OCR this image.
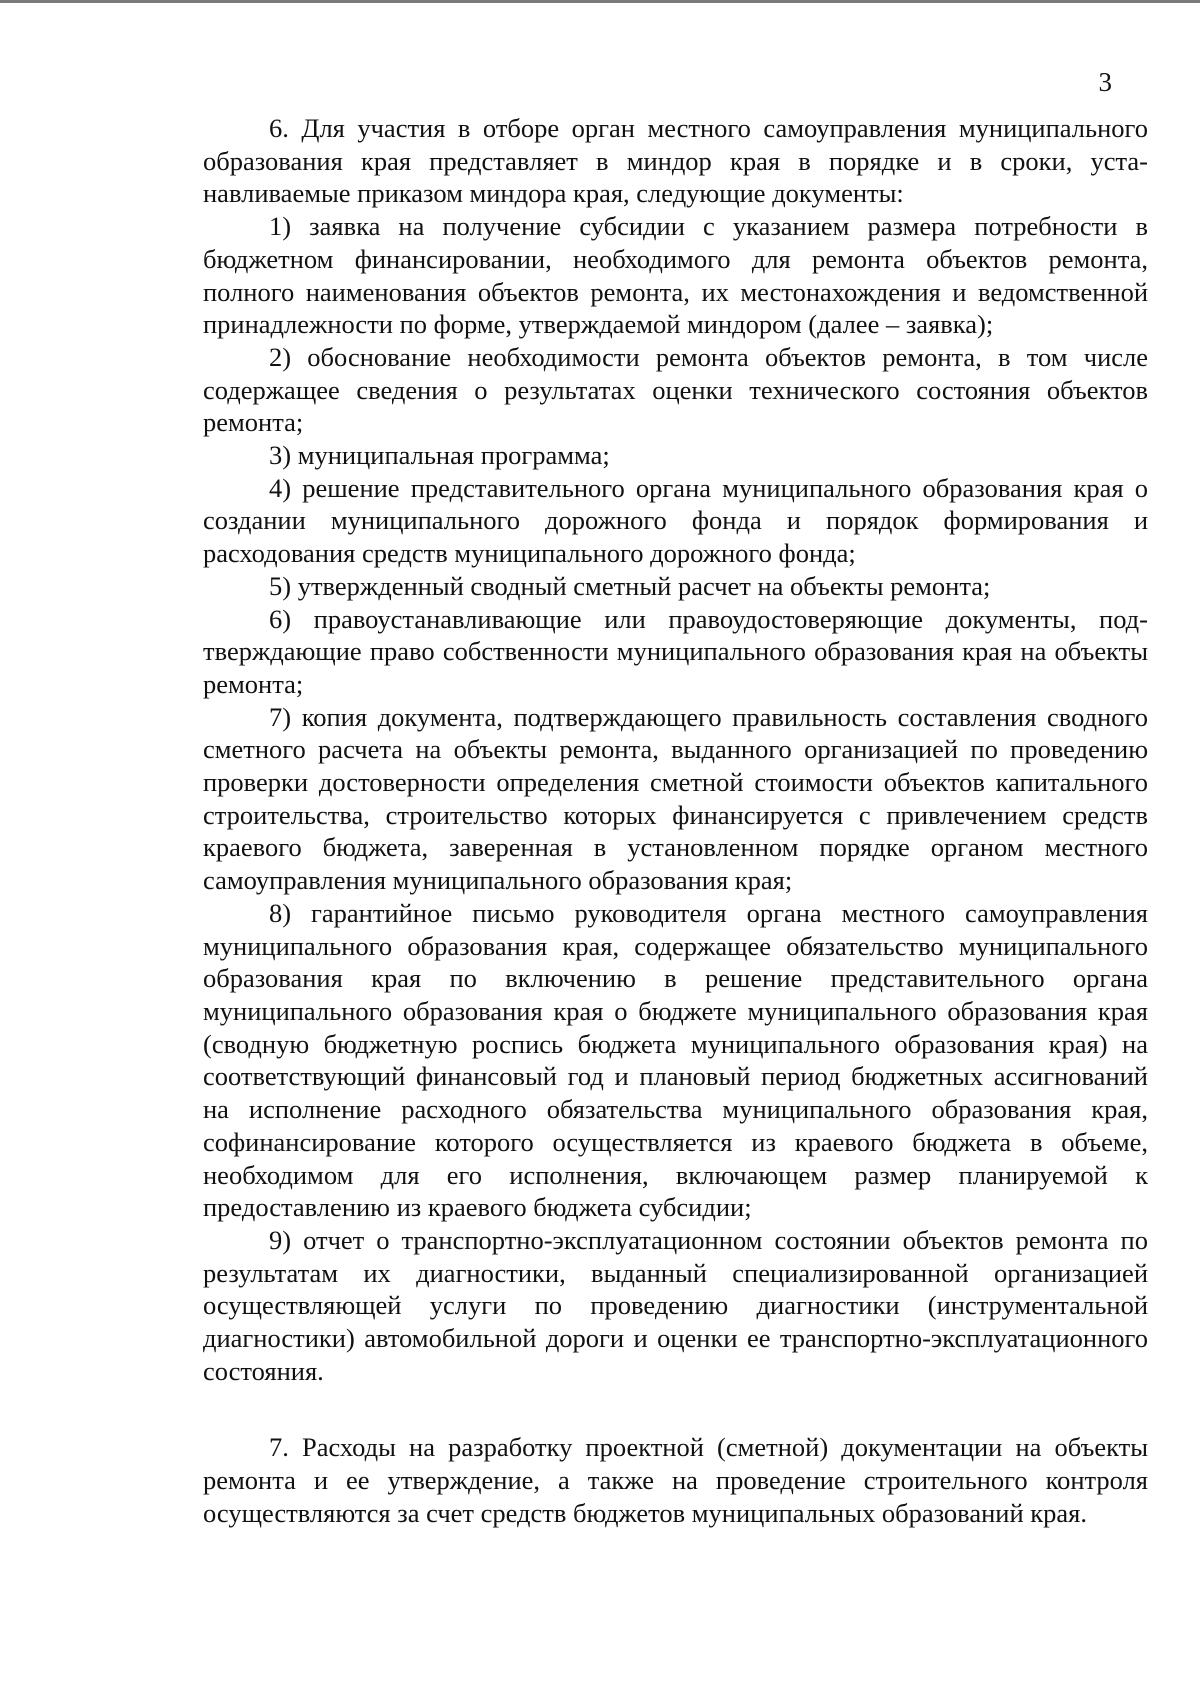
3

6. Для участия в отборе орган местного самоуправления муниципального образования края представляет в миндор края в порядке и в сроки, устанавливаемые приказом миндора края, следующие документы:

1) заявка на получение субсидии с указанием размера потребности в бюджетном финансировании, необходимого для ремонта объектов ремонта, полного наименования объектов ремонта, их местонахождения и ведомственной принадлежности по форме, утверждаемой миндором (далее – заявка);

2) обоснование необходимости ремонта объектов ремонта, в том числе содержащее сведения о результатах оценки технического состояния объектов ремонта;

3) муниципальная программа;

4) решение представительного органа муниципального образования края о создании муниципального дорожного фонда и порядок формирования и расходования средств муниципального дорожного фонда;

5) утвержденный сводный сметный расчет на объекты ремонта;

6) правоустанавливающие или правоудостоверяющие документы, подтверждающие право собственности муниципального образования края на объекты ремонта;

7) копия документа, подтверждающего правильность составления сводного сметного расчета на объекты ремонта, выданного организацией по проведению проверки достоверности определения сметной стоимости объектов капитального строительства, строительство которых финансируется с привлечением средств краевого бюджета, заверенная в установленном порядке органом местного самоуправления муниципального образования края;

8) гарантийное письмо руководителя органа местного самоуправления муниципального образования края, содержащее обязательство муниципального образования края по включению в решение представительного органа муниципального образования края о бюджете муниципального образования края (сводную бюджетную роспись бюджета муниципального образования края) на соответствующий финансовый год и плановый период бюджетных ассигнований на исполнение расходного обязательства муниципального образования края, софинансирование которого осуществляется из краевого бюджета в объеме, необходимом для его исполнения, включающем размер планируемой к предоставлению из краевого бюджета субсидии;

9) отчет о транспортно-эксплуатационном состоянии объектов ремонта по результатам их диагностики, выданный специализированной организацией осуществляющей услуги по проведению диагностики (инструментальной диагностики) автомобильной дороги и оценки ее транспортно-эксплуатационного состояния.

7. Расходы на разработку проектной (сметной) документации на объекты ремонта и ее утверждение, а также на проведение строительного контроля осуществляются за счет средств бюджетов муниципальных образований края.
